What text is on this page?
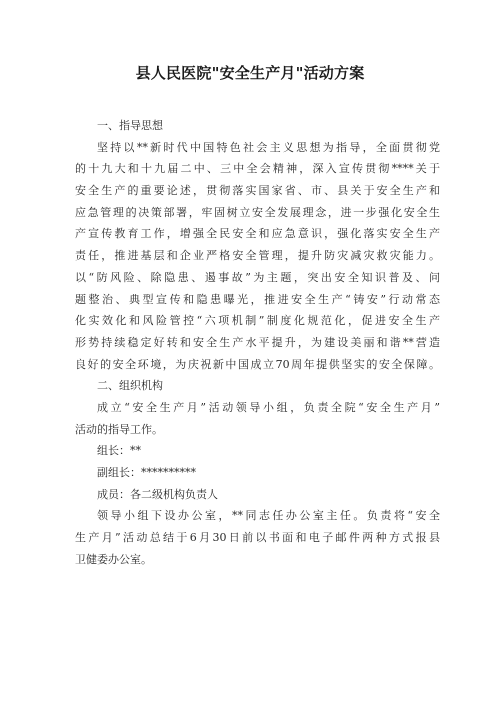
县人民医院"安全生产月"活动方案
一、指导思想
坚持以**新时代中国特色社会主义思想为指导，全面贯彻党
的十九大和十九届二中、三中全会精神，深入宣传贯彻****关于
安全生产的重要论述，贯彻落实国家省、市、县关于安全生产和
应急管理的决策部署，牢固树立安全发展理念，进一步强化安全生
产宣传教育工作，增强全民安全和应急意识，强化落实安全生产
责任，推进基层和企业严格安全管理，提升防灾减灾救灾能力。
以“防风险、除隐患、遏事故”为主题，突出安全知识普及、问
题整治、典型宣传和隐患曝光，推进安全生产“铸安”行动常态
化实效化和风险管控“六项机制”制度化规范化，促进安全生产
形势持续稳定好转和安全生产水平提升，为建设美丽和谐**营造
良好的安全环境，为庆祝新中国成立70周年提供坚实的安全保障。
二、组织机构
成立“安全生产月”活动领导小组，负责全院“安全生产月”
活动的指导工作。
组长：**
副组长：**********
成员：各二级机构负责人
领导小组下设办公室，**同志任办公室主任。负责将“安全
生产月”活动总结于6月30日前以书面和电子邮件两种方式报县
卫健委办公室。
